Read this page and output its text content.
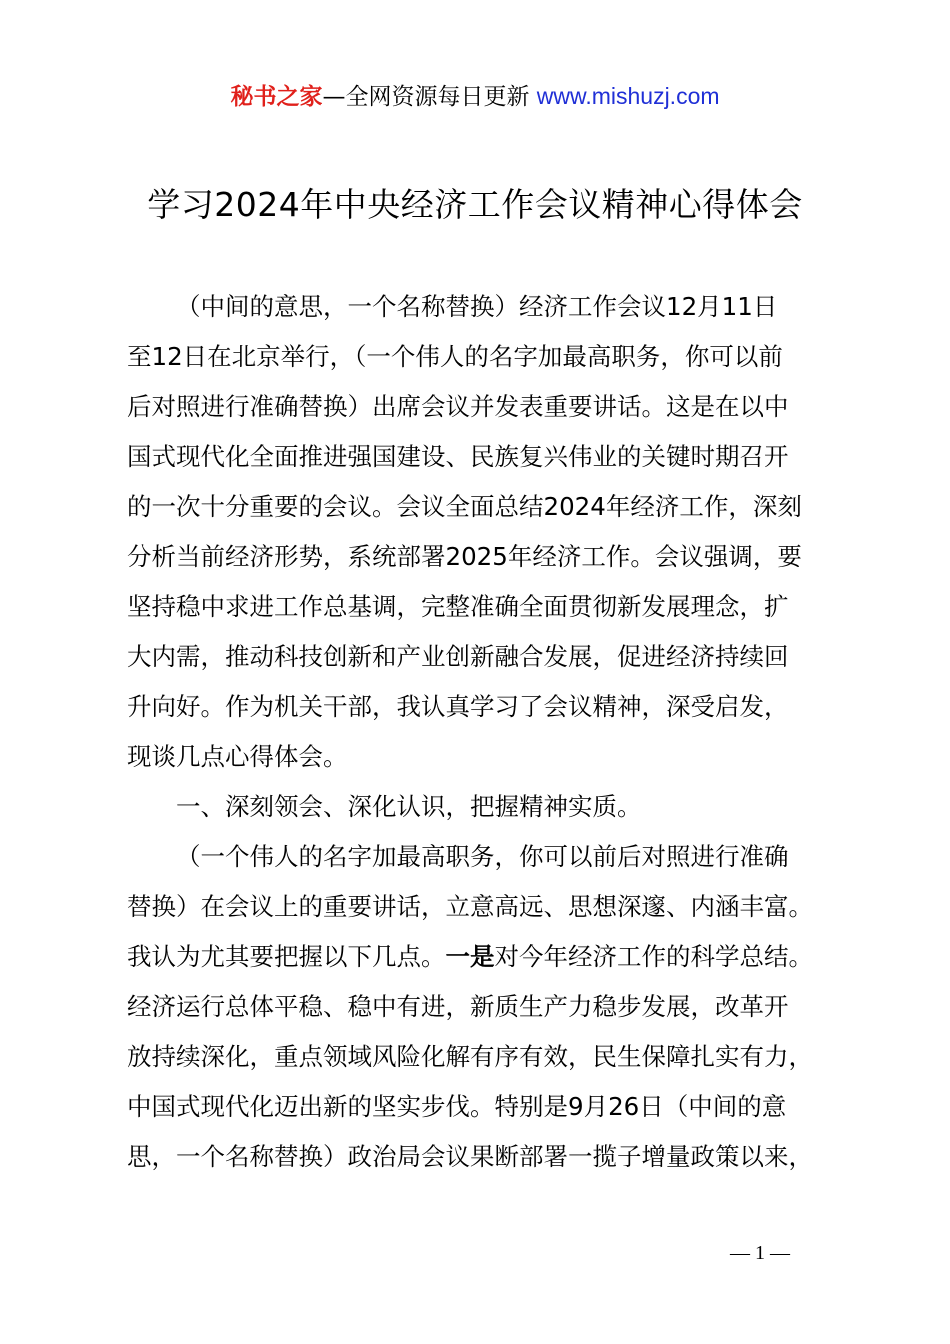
秘书之家—全网资源每日更新 www.mishuzj.com
学习2024年中央经济工作会议精神心得体会

（中间的意思，一个名称替换）经济工作会议12月11日
至12日在北京举行，（一个伟人的名字加最高职务，你可以前
后对照进行准确替换）出席会议并发表重要讲话。这是在以中
国式现代化全面推进强国建设、民族复兴伟业的关键时期召开
的一次十分重要的会议。会议全面总结2024年经济工作，深刻
分析当前经济形势，系统部署2025年经济工作。会议强调，要
坚持稳中求进工作总基调，完整准确全面贯彻新发展理念，扩
大内需，推动科技创新和产业创新融合发展，促进经济持续回
升向好。作为机关干部，我认真学习了会议精神，深受启发，
现谈几点心得体会。

一、深刻领会、深化认识，把握精神实质。

（一个伟人的名字加最高职务，你可以前后对照进行准确
替换）在会议上的重要讲话，立意高远、思想深邃、内涵丰富。
我认为尤其要把握以下几点。一是对今年经济工作的科学总结。
经济运行总体平稳、稳中有进，新质生产力稳步发展，改革开
放持续深化，重点领域风险化解有序有效，民生保障扎实有力，
中国式现代化迈出新的坚实步伐。特别是9月26日（中间的意
思，一个名称替换）政治局会议果断部署一揽子增量政策以来，

— 1 —
